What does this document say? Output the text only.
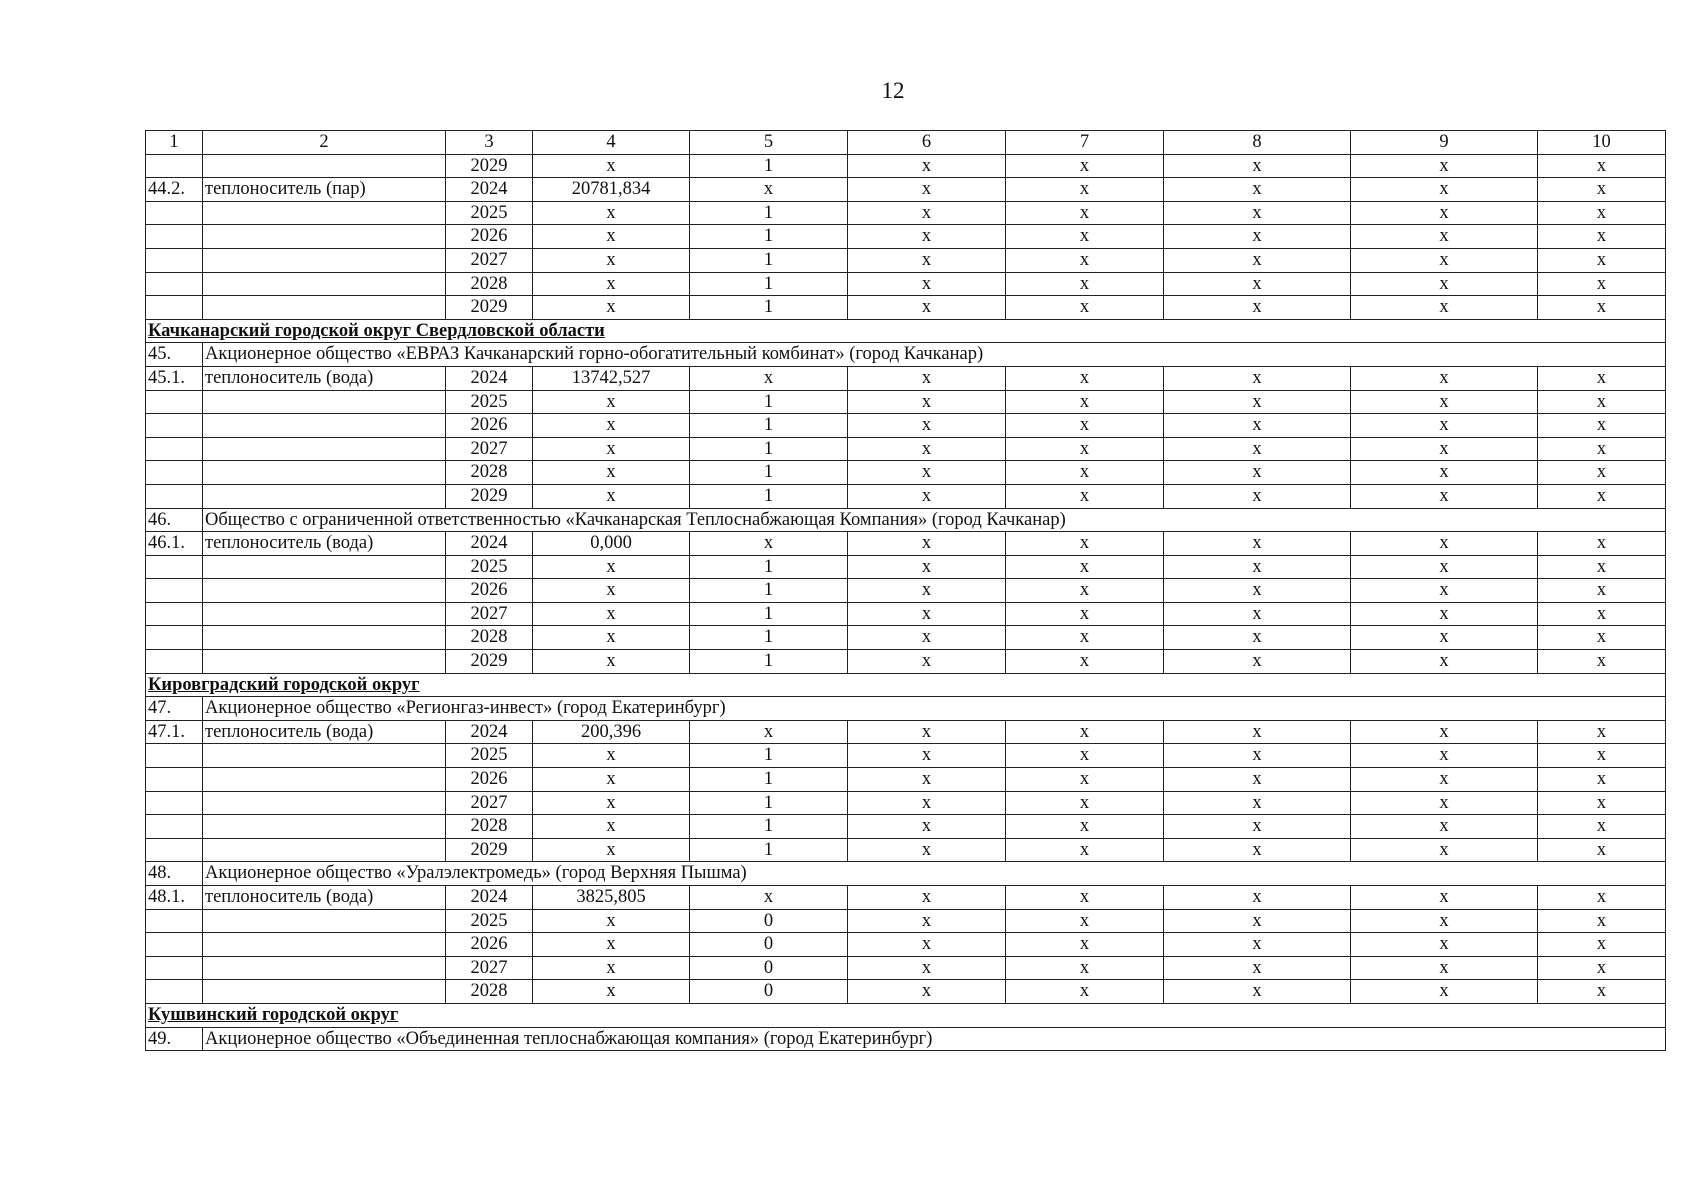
12
1	2	3	4	5	6	7	8	9	10
		2029	x	1	x	x	x	x	x
44.2.	теплоноситель (пар)	2024	20781,834	x	x	x	x	x	x
		2025	x	1	x	x	x	x	x
		2026	x	1	x	x	x	x	x
		2027	x	1	x	x	x	x	x
		2028	x	1	x	x	x	x	x
		2029	x	1	x	x	x	x	x
Качканарский городской округ Свердловской области									
45.	Акционерное общество «ЕВРАЗ Качканарский горно-обогатительный комбинат» (город Качканар)								
45.1.	теплоноситель (вода)	2024	13742,527	x	x	x	x	x	x
		2025	x	1	x	x	x	x	x
		2026	x	1	x	x	x	x	x
		2027	x	1	x	x	x	x	x
		2028	x	1	x	x	x	x	x
		2029	x	1	x	x	x	x	x
46.	Общество с ограниченной ответственностью «Качканарская Теплоснабжающая Компания» (город Качканар)								
46.1.	теплоноситель (вода)	2024	0,000	x	x	x	x	x	x
		2025	x	1	x	x	x	x	x
		2026	x	1	x	x	x	x	x
		2027	x	1	x	x	x	x	x
		2028	x	1	x	x	x	x	x
		2029	x	1	x	x	x	x	x
Кировградский городской округ									
47.	Акционерное общество «Регионгаз-инвест» (город Екатеринбург)								
47.1.	теплоноситель (вода)	2024	200,396	x	x	x	x	x	x
		2025	x	1	x	x	x	x	x
		2026	x	1	x	x	x	x	x
		2027	x	1	x	x	x	x	x
		2028	x	1	x	x	x	x	x
		2029	x	1	x	x	x	x	x
48.	Акционерное общество «Уралэлектромедь» (город Верхняя Пышма)								
48.1.	теплоноситель (вода)	2024	3825,805	x	x	x	x	x	x
		2025	x	0	x	x	x	x	x
		2026	x	0	x	x	x	x	x
		2027	x	0	x	x	x	x	x
		2028	x	0	x	x	x	x	x
Кушвинский городской округ									
49.	Акционерное общество «Объединенная теплоснабжающая компания» (город Екатеринбург)								
